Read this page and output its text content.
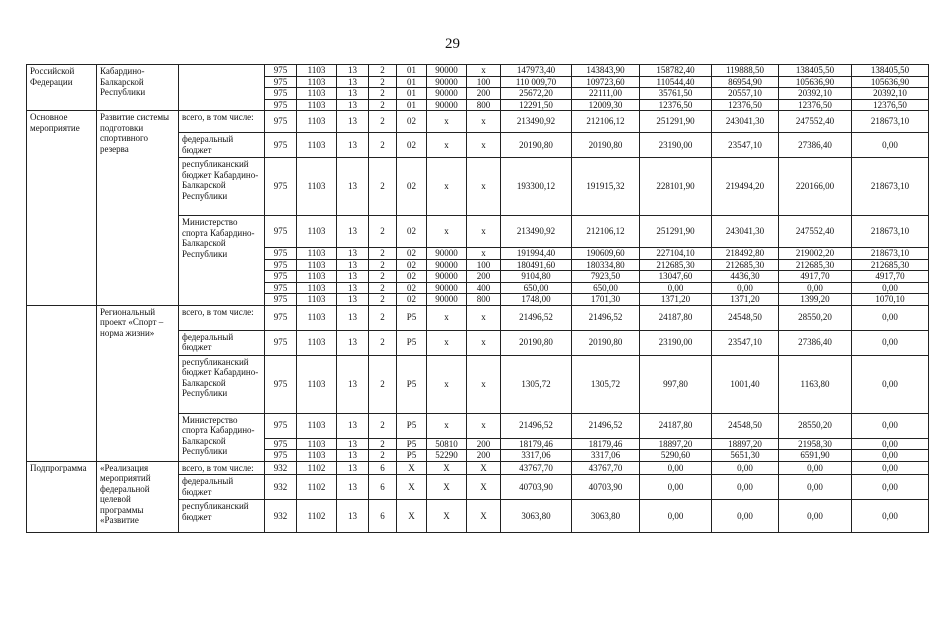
29
Российской Федерации	Кабардино-Балкарской Республики		975	1103	13	2	01	90000	x	147973,40	143843,90	158782,40	119888,50	138405,50	138405,50
			975	1103	13	2	01	90000	100	110 009,70	109723,60	110544,40	86954,90	105636,90	105636,90
			975	1103	13	2	01	90000	200	25672,20	22111,00	35761,50	20557,10	20392,10	20392,10
			975	1103	13	2	01	90000	800	12291,50	12009,30	12376,50	12376,50	12376,50	12376,50
Основное мероприятие	Развитие системы подготовки спортивного резерва	всего, в том числе:	975	1103	13	2	02	x	x	213490,92	212106,12	251291,90	243041,30	247552,40	218673,10
		федеральный бюджет	975	1103	13	2	02	x	x	20190,80	20190,80	23190,00	23547,10	27386,40	0,00
		республиканский бюджет Кабардино-Балкарской Республики	975	1103	13	2	02	x	x	193300,12	191915,32	228101,90	219494,20	220166,00	218673,10
		Министерство спорта Кабардино-Балкарской Республики	975	1103	13	2	02	x	x	213490,92	212106,12	251291,90	243041,30	247552,40	218673,10
			975	1103	13	2	02	90000	x	191994,40	190609,60	227104,10	218492,80	219002,20	218673,10
			975	1103	13	2	02	90000	100	180491,60	180334,80	212685,30	212685,30	212685,30	212685,30
			975	1103	13	2	02	90000	200	9104,80	7923,50	13047,60	4436,30	4917,70	4917,70
			975	1103	13	2	02	90000	400	650,00	650,00	0,00	0,00	0,00	0,00
			975	1103	13	2	02	90000	800	1748,00	1701,30	1371,20	1371,20	1399,20	1070,10
	Региональный проект «Спорт – норма жизни»	всего, в том числе:	975	1103	13	2	P5	x	x	21496,52	21496,52	24187,80	24548,50	28550,20	0,00
		федеральный бюджет	975	1103	13	2	P5	x	x	20190,80	20190,80	23190,00	23547,10	27386,40	0,00
		республиканский бюджет Кабардино-Балкарской Республики	975	1103	13	2	P5	x	x	1305,72	1305,72	997,80	1001,40	1163,80	0,00
		Министерство спорта Кабардино-Балкарской Республики	975	1103	13	2	P5	x	x	21496,52	21496,52	24187,80	24548,50	28550,20	0,00
			975	1103	13	2	P5	50810	200	18179,46	18179,46	18897,20	18897,20	21958,30	0,00
			975	1103	13	2	P5	52290	200	3317,06	3317,06	5290,60	5651,30	6591,90	0,00
Подпрограмма	«Реализация мероприятий федеральной целевой программы «Развитие	всего, в том числе:	932	1102	13	6	X	X	X	43767,70	43767,70	0,00	0,00	0,00	0,00
		федеральный бюджет	932	1102	13	6	X	X	X	40703,90	40703,90	0,00	0,00	0,00	0,00
		республиканский бюджет	932	1102	13	6	X	X	X	3063,80	3063,80	0,00	0,00	0,00	0,00
